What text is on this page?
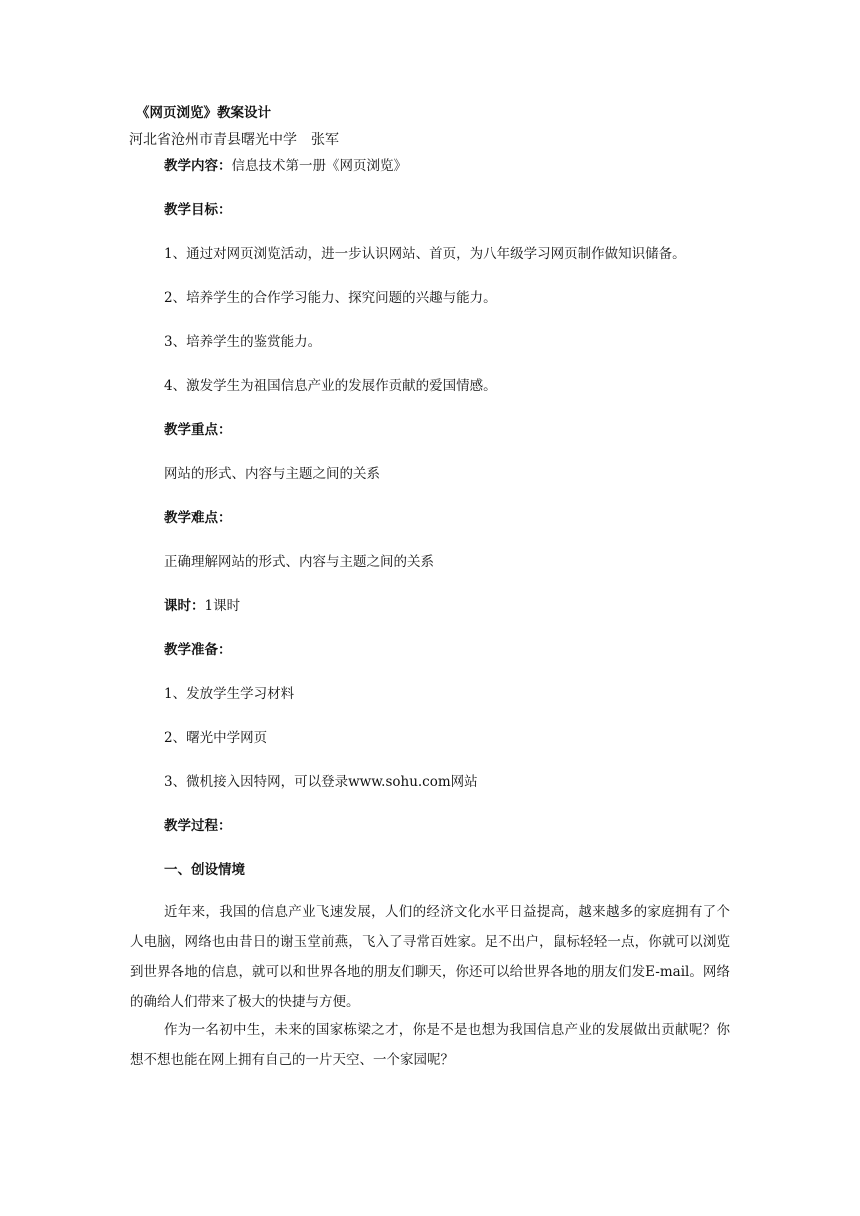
《网页浏览》教案设计
河北省沧州市青县曙光中学　张军
教学内容：信息技术第一册《网页浏览》
教学目标：
1、通过对网页浏览活动，进一步认识网站、首页，为八年级学习网页制作做知识储备。
2、培养学生的合作学习能力、探究问题的兴趣与能力。
3、培养学生的鉴赏能力。
4、激发学生为祖国信息产业的发展作贡献的爱国情感。
教学重点：
网站的形式、内容与主题之间的关系
教学难点：
正确理解网站的形式、内容与主题之间的关系
课时：1课时
教学准备：
1、发放学生学习材料
2、曙光中学网页
3、微机接入因特网，可以登录www.sohu.com网站
教学过程：
一、创设情境
近年来，我国的信息产业飞速发展，人们的经济文化水平日益提高，越来越多的家庭拥有了个人电脑，网络也由昔日的谢玉堂前燕，飞入了寻常百姓家。足不出户，鼠标轻轻一点，你就可以浏览到世界各地的信息，就可以和世界各地的朋友们聊天，你还可以给世界各地的朋友们发E-mail。网络的确给人们带来了极大的快捷与方便。
作为一名初中生，未来的国家栋梁之才，你是不是也想为我国信息产业的发展做出贡献呢？你想不想也能在网上拥有自己的一片天空、一个家园呢？
